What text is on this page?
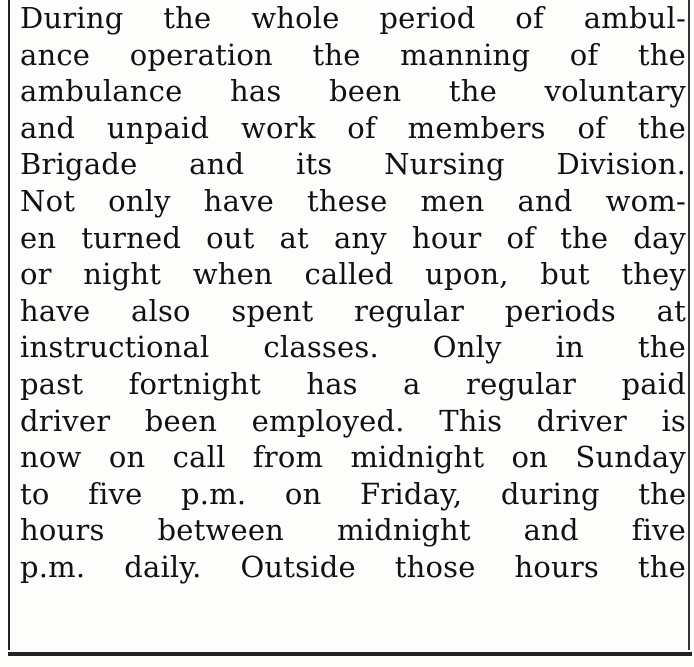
During the whole period of ambul-
ance operation the manning of the
ambulance has been the voluntary
and unpaid work of members of the
Brigade and its Nursing Division.
Not only have these men and wom-
en turned out at any hour of the day
or night when called upon, but they
have also spent regular periods at
instructional classes. Only in the
past fortnight has a regular paid
driver been employed. This driver is
now on call from midnight on Sunday
to five p.m. on Friday, during the
hours between midnight and five
p.m. daily. Outside those hours the
